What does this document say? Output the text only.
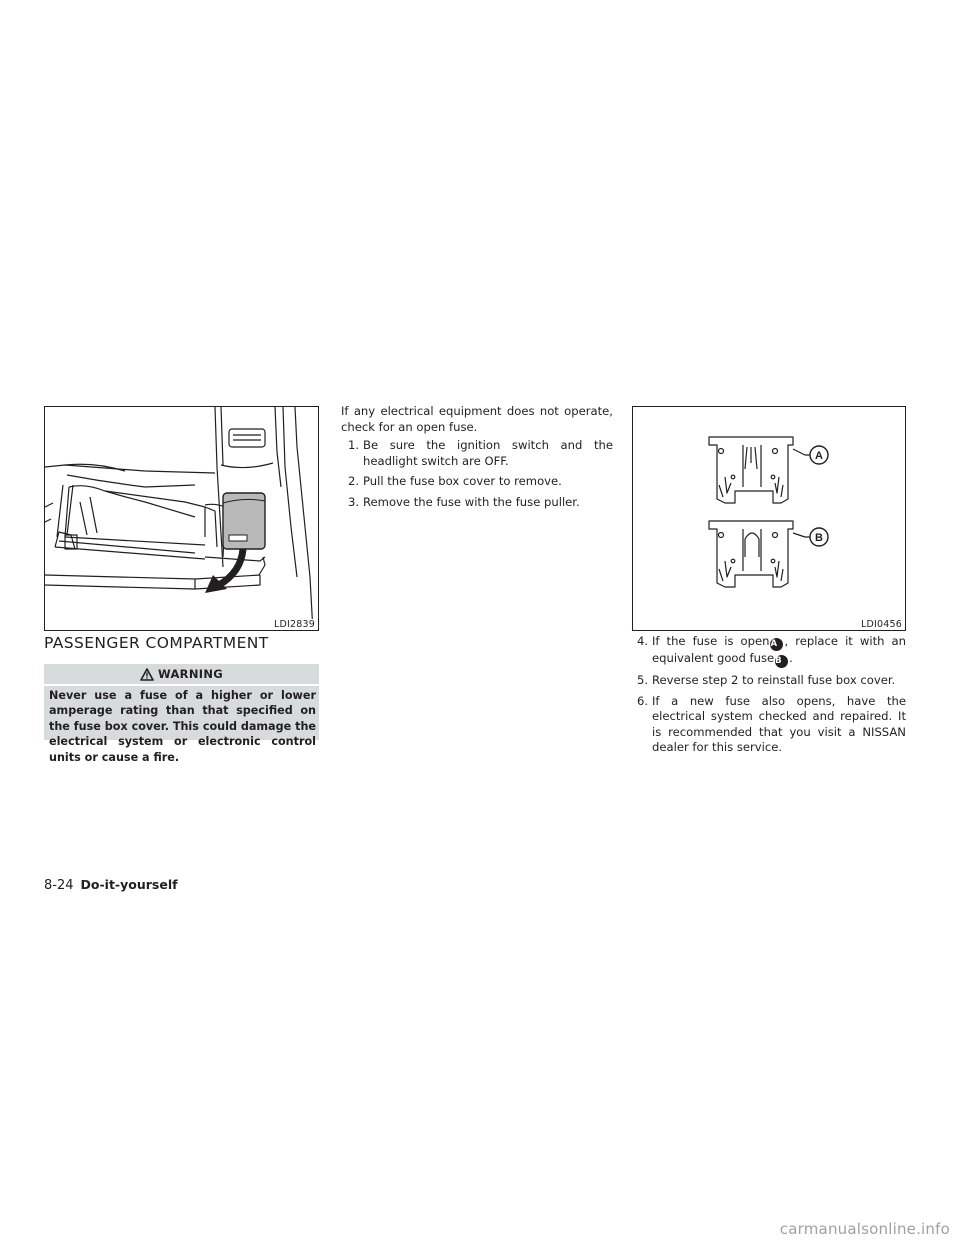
LDI2839
A
B
LDI0456
PASSENGER COMPARTMENT
WARNING

Never use a fuse of a higher or lower amperage rating than that specified on the fuse box cover. This could damage the electrical system or electronic control units or cause a fire.

If any electrical equipment does not operate, check for an open fuse.

1. Be sure the ignition switch and the headlight switch are OFF.
2. Pull the fuse box cover to remove.
3. Remove the fuse with the fuse puller.
4. If the fuse is openA , replace it with an equivalent good fuseB .
5. Reverse step 2 to reinstall fuse box cover.
6. If a new fuse also opens, have the electrical system checked and repaired. It is recommended that you visit a NISSAN dealer for this service.
8-24 Do-it-yourself
carmanualsonline.info
